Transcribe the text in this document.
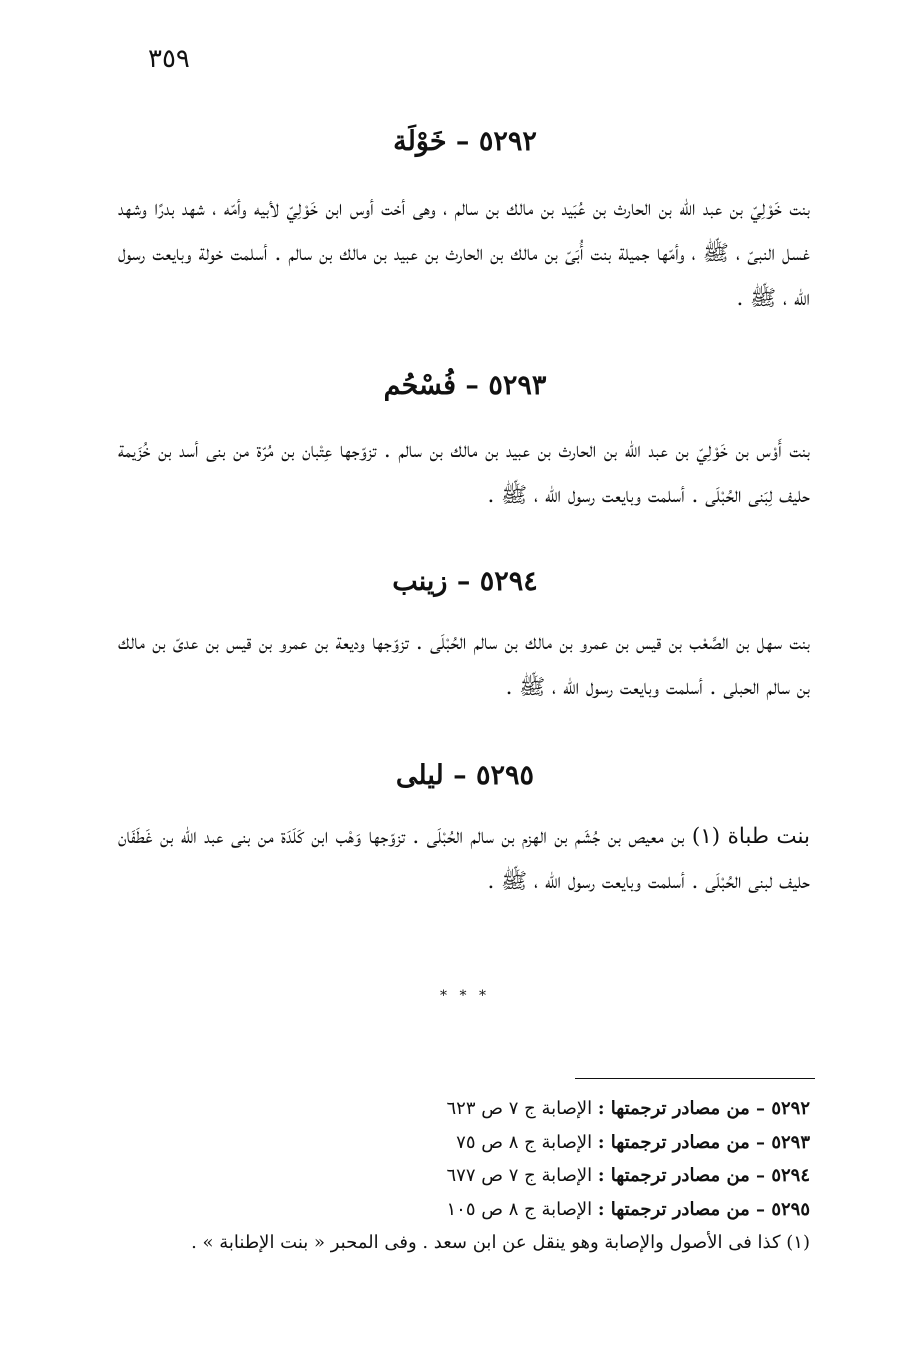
٣٥٩
٥٢٩٢ – خَوْلَة

بنت خَوْلِيّ بن عبد الله بن الحارث بن عُبَيد بن مالك بن سالم ، وهى أخت أوس ابن خَوْلِيّ لأبيه وأمّه ، شهد بدرًا وشهد غسل النبىّ ، ﷺ ، وأمّها جميلة بنت أُبَىّ بن مالك بن الحارث بن عبيد بن مالك بن سالم . أسلمت خولة وبايعت رسول الله ، ﷺ .

٥٢٩٣ – فُسْحُم

بنت أَوْس بن خَوْلِيّ بن عبد الله بن الحارث بن عبيد بن مالك بن سالم . تزوّجها عِتْبان بن مُرّة من بنى أسد بن خُزَيمة حليف لِبَنى الحُبْلَى . أسلمت وبايعت رسول الله ، ﷺ .

٥٢٩٤ – زينب

بنت سهل بن الصَّعْب بن قيس بن عمرو بن مالك بن سالم الحُبْلَى . تزوّجها وديعة بن عمرو بن قيس بن عدىّ بن مالك بن سالم الحبلى . أسلمت وبايعت رسول الله ، ﷺ .

٥٢٩٥ – ليلى

بنت طباة (١) بن معيص بن جُشَم بن الهزم بن سالم الحُبْلَى . تزوّجها وَهْب ابن كَلَدَة من بنى عبد الله بن غَطَفَان حليف لبنى الحُبْلَى . أسلمت وبايعت رسول الله ، ﷺ .

* * *
٥٢٩٢ – من مصادر ترجمتها : الإصابة ج ٧ ص ٦٢٣
٥٢٩٣ – من مصادر ترجمتها : الإصابة ج ٨ ص ٧٥
٥٢٩٤ – من مصادر ترجمتها : الإصابة ج ٧ ص ٦٧٧
٥٢٩٥ – من مصادر ترجمتها : الإصابة ج ٨ ص ١٠٥
(١) كذا فى الأصول والإصابة وهو ينقل عن ابن سعد . وفى المحبر « بنت الإطنابة » .
